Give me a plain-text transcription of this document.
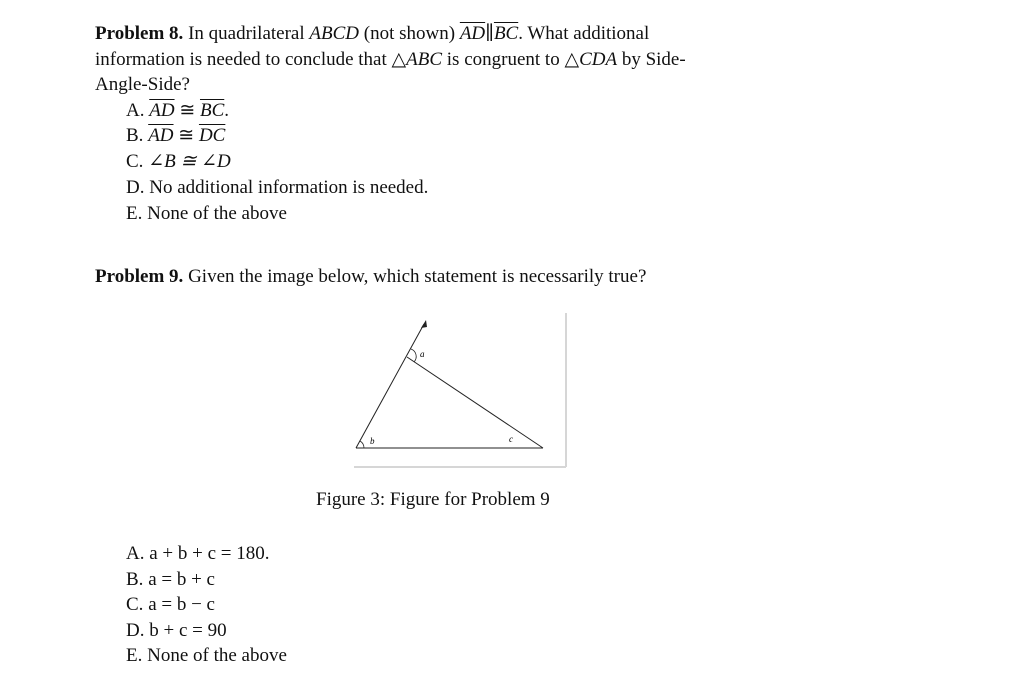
Problem 8. In quadrilateral ABCD (not shown) $\overline{AD}\parallel\overline{BC}$. What additional
information is needed to conclude that △ABC is congruent to △CDA by Side-
Angle-Side?
A. $\overline{AD}$ ≅ $\overline{BC}$.
B. $\overline{AD}$ ≅ $\overline{DC}$
C. ∠B ≅ ∠D
D. No additional information is needed.
E. None of the above
Problem 9. Given the image below, which statement is necessarily true?
a
b	c
Figure 3: Figure for Problem 9
A. a + b + c = 180.
B. a = b + c
C. a = b − c
D. b + c = 90
E. None of the above
